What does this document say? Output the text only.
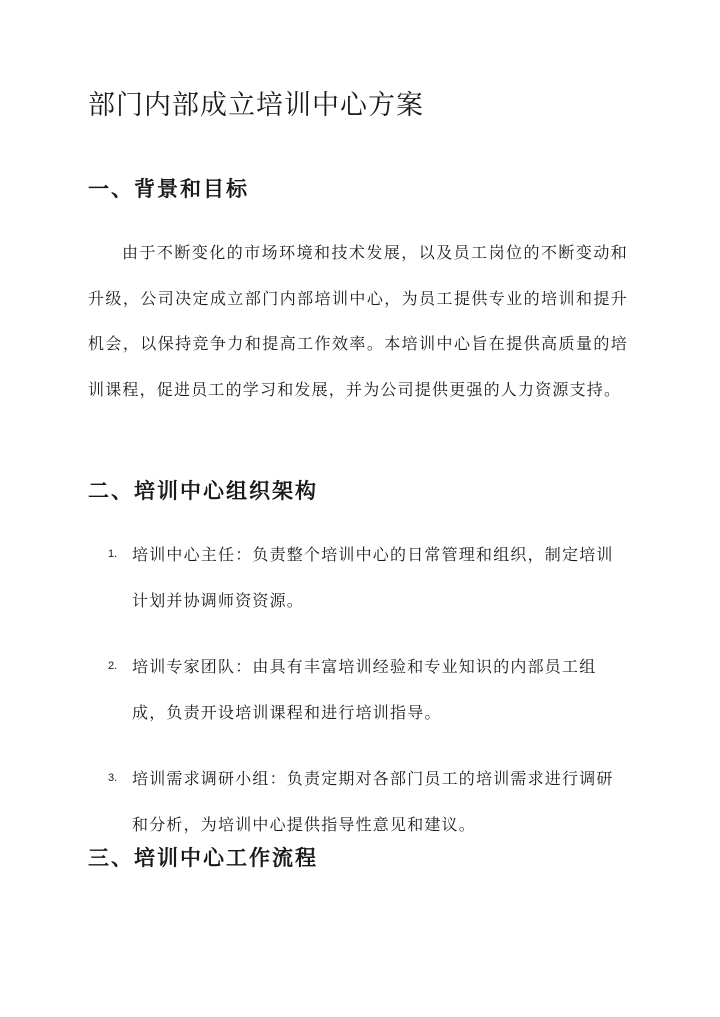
部门内部成立培训中心方案
一、背景和目标

由于不断变化的市场环境和技术发展，以及员工岗位的不断变动和升级，公司决定成立部门内部培训中心，为员工提供专业的培训和提升机会，以保持竞争力和提高工作效率。本培训中心旨在提供高质量的培训课程，促进员工的学习和发展，并为公司提供更强的人力资源支持。

二、培训中心组织架构
1. 培训中心主任：负责整个培训中心的日常管理和组织，制定培训计划并协调师资资源。
2. 培训专家团队：由具有丰富培训经验和专业知识的内部员工组成，负责开设培训课程和进行培训指导。
3. 培训需求调研小组：负责定期对各部门员工的培训需求进行调研和分析，为培训中心提供指导性意见和建议。
三、培训中心工作流程
